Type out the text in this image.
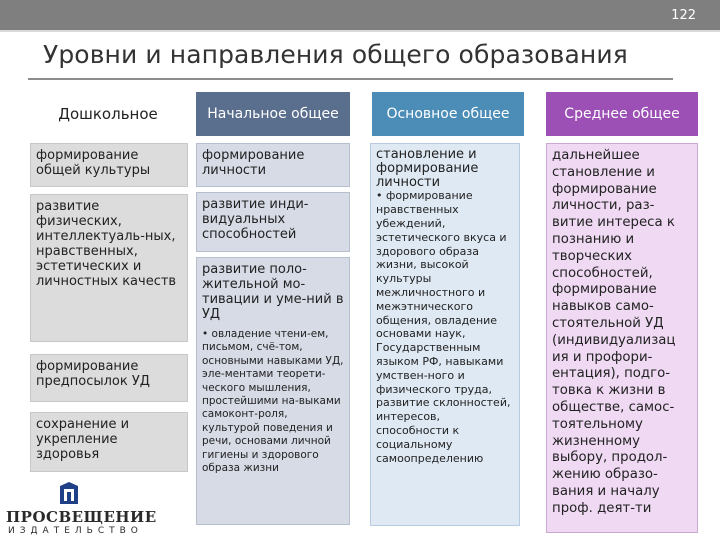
122
Уровни и направления общего образования
Дошкольное	Начальное общее	Основное общее	Среднее общее
формирование общей культуры
развитие физических, интеллектуаль-ных, нравственных, эстетических и личностных качеств
формирование предпосылок УД
сохранение и укрепление здоровья
формирование личности
развитие инди-видуальных способностей
развитие поло-жительной мо-тивации и уме-ний в УД
• овладение чтени-ем, письмом, счё-том, основными навыками УД, эле-ментами теорети-ческого мышления, простейшими на-выками самоконт-роля, культурой поведения и речи, основами личной гигиены и здорового образа жизни
становление и формирование личности
• формирование нравственных убеждений, эстетического вкуса и здорового образа жизни, высокой культуры межличностного и межэтнического общения, овладение основами наук, Государственным языком РФ, навыками умствен-ного и физического труда, развитие склонностей, интересов, способности к социальному самоопределению
дальнейшее становление и формирование личности, раз-витие интереса к познанию и творческих способностей, формирование навыков само-стоятельной УД (индивидуализац ия и профори-ентация), подго-товка к жизни в обществе, самос-тоятельному жизненному выбору, продол-жению образо-вания и началу проф. деят-ти
ПРОСВЕЩЕНИЕ
ИЗДАТЕЛЬСТВО
